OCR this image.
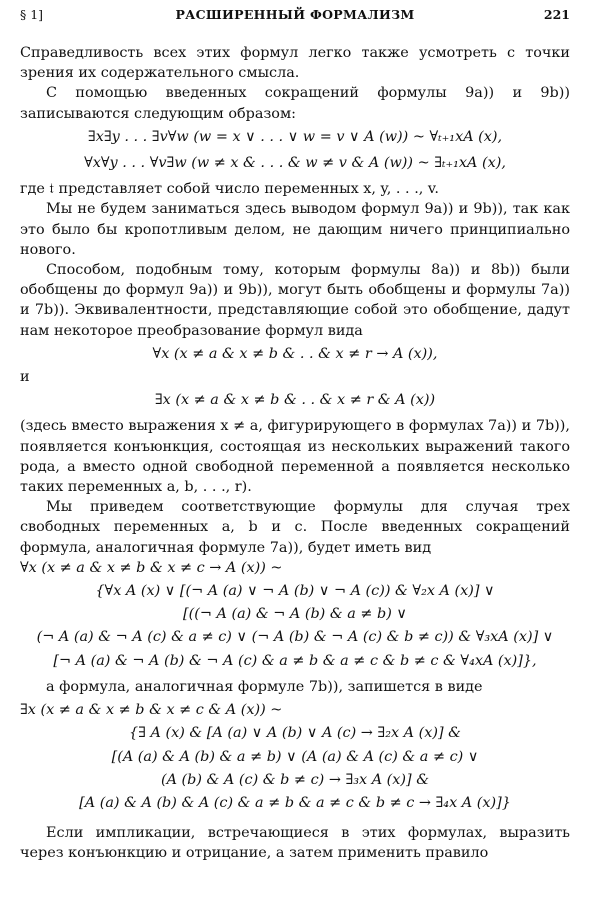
§ 1]	РАСШИРЕННЫЙ ФОРМАЛИЗМ	221

Справедливость всех этих формул легко также усмотреть с точки зрения их содержательного смысла.

С помощью введенных сокращений формулы 9a)) и 9b)) записываются следующим образом:

∃x∃y . . . ∃v∀w (w = x ∨ . . . ∨ w = v ∨ A (w)) ~ ∀ₜ₊₁xA (x),

∀x∀y . . . ∀v∃w (w ≠ x & . . . & w ≠ v & A (w)) ~ ∃ₜ₊₁xA (x),

где 𝔱 представляет собой число переменных x, y, . . ., v.

Мы не будем заниматься здесь выводом формул 9a)) и 9b)), так как это было бы кропотливым делом, не дающим ничего принципиально нового.

Способом, подобным тому, которым формулы 8a)) и 8b)) были обобщены до формул 9a)) и 9b)), могут быть обобщены и формулы 7a)) и 7b)). Эквивалентности, представляющие собой это обобщение, дадут нам некоторое преобразование формул вида

∀x (x ≠ a & x ≠ b & . . & x ≠ r → A (x)),

и

∃x (x ≠ a & x ≠ b & . . & x ≠ r & A (x))

(здесь вместо выражения x ≠ a, фигурирующего в формулах 7a)) и 7b)), появляется конъюнкция, состоящая из нескольких выражений такого рода, а вместо одной свободной переменной a появляется несколько таких переменных a, b, . . ., r).

Мы приведем соответствующие формулы для случая трех свободных переменных a, b и c. После введенных сокращений формула, аналогичная формуле 7a)), будет иметь вид

∀x (x ≠ a & x ≠ b & x ≠ c → A (x)) ~

{∀x A (x) ∨ [(¬ A (a) ∨ ¬ A (b) ∨ ¬ A (c)) & ∀₂x A (x)] ∨

[((¬ A (a) & ¬ A (b) & a ≠ b) ∨

(¬ A (a) & ¬ A (c) & a ≠ c) ∨ (¬ A (b) & ¬ A (c) & b ≠ c)) & ∀₃xA (x)] ∨

[¬ A (a) & ¬ A (b) & ¬ A (c) & a ≠ b & a ≠ c & b ≠ c & ∀₄xA (x)]},

а формула, аналогичная формуле 7b)), запишется в виде

∃x (x ≠ a & x ≠ b & x ≠ c & A (x)) ~

{∃ A (x) & [A (a) ∨ A (b) ∨ A (c) → ∃₂x A (x)] &

[(A (a) & A (b) & a ≠ b) ∨ (A (a) & A (c) & a ≠ c) ∨

(A (b) & A (c) & b ≠ c) → ∃₃x A (x)] &

[A (a) & A (b) & A (c) & a ≠ b & a ≠ c & b ≠ c → ∃₄x A (x)]}

Если импликации, встречающиеся в этих формулах, выразить через конъюнкцию и отрицание, а затем применить правило
